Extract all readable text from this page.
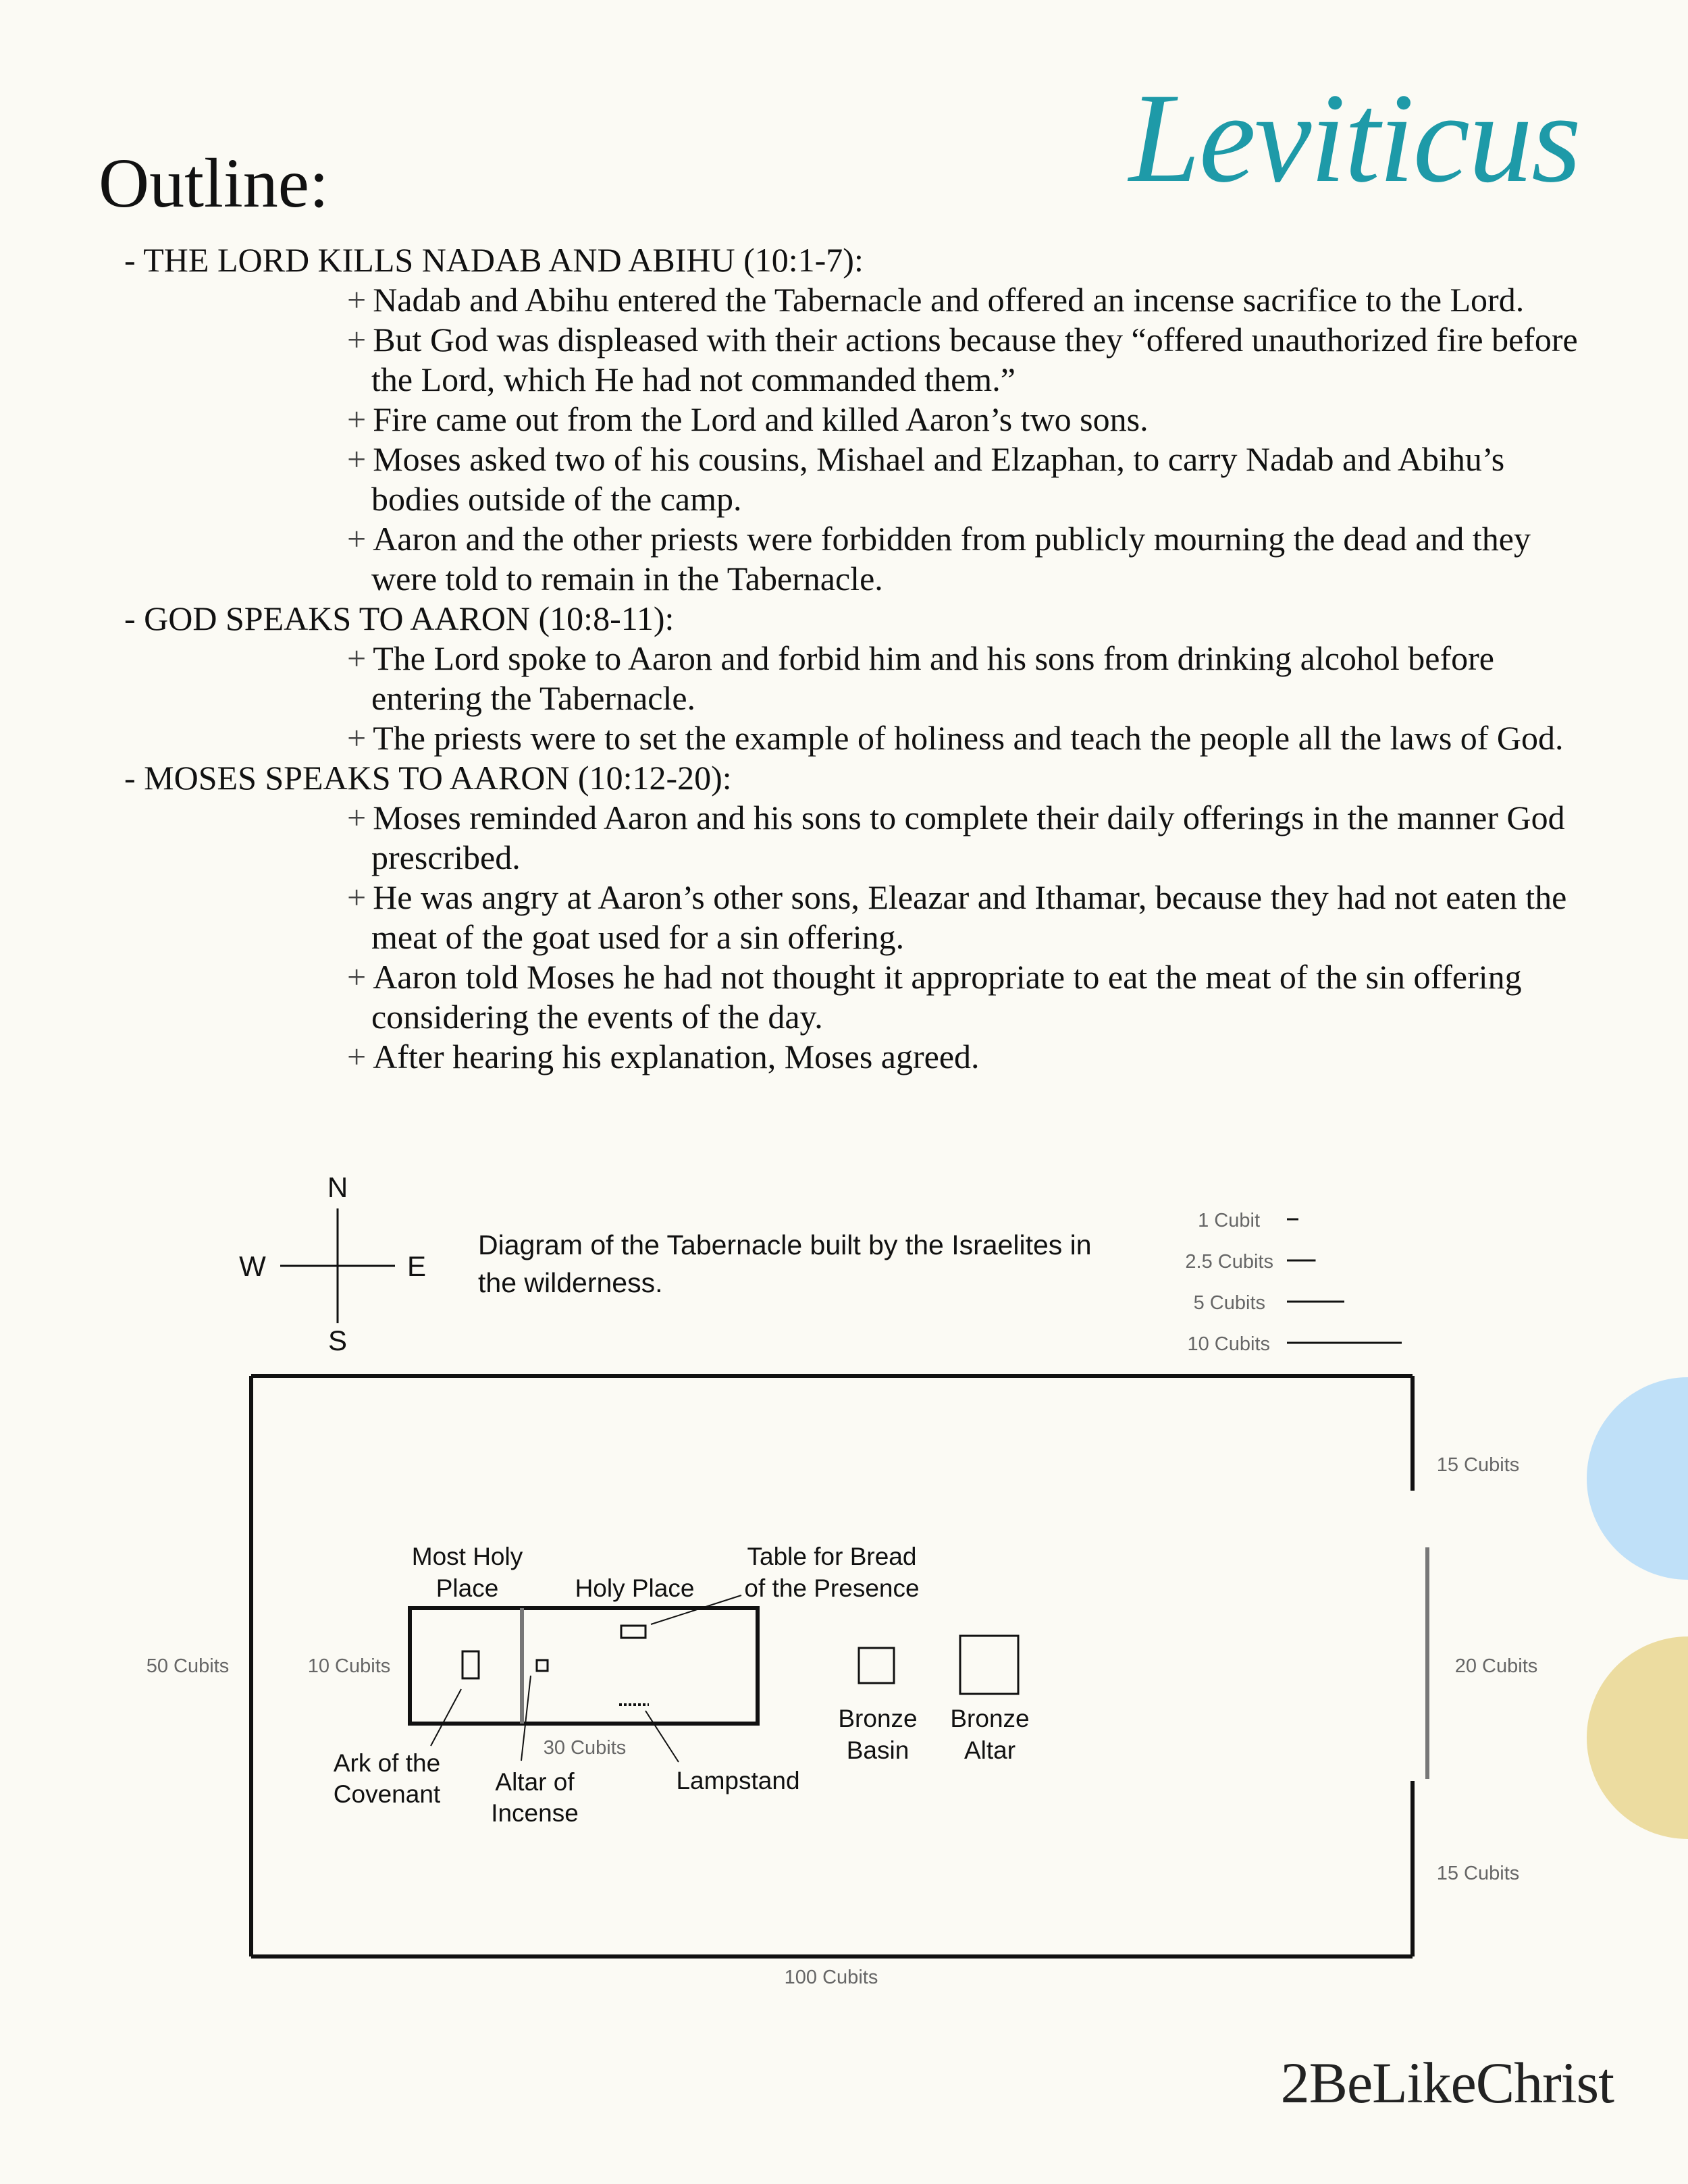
Leviticus
Outline:
- THE LORD KILLS NADAB AND ABIHU (10:1-7):
+ Nadab and Abihu entered the Tabernacle and offered an incense sacrifice to the Lord.
+ But God was displeased with their actions because they “offered unauthorized fire before the Lord, which He had not commanded them.”
+ Fire came out from the Lord and killed Aaron’s two sons.
+ Moses asked two of his cousins, Mishael and Elzaphan, to carry Nadab and Abihu’s bodies outside of the camp.
+ Aaron and the other priests were forbidden from publicly mourning the dead and they were told to remain in the Tabernacle.
- GOD SPEAKS TO AARON (10:8-11):
+ The Lord spoke to Aaron and forbid him and his sons from drinking alcohol before entering the Tabernacle.
+ The priests were to set the example of holiness and teach the people all the laws of God.
- MOSES SPEAKS TO AARON (10:12-20):
+ Moses reminded Aaron and his sons to complete their daily offerings in the manner God prescribed.
+ He was angry at Aaron’s other sons, Eleazar and Ithamar, because they had not eaten the meat of the goat used for a sin offering.
+ Aaron told Moses he had not thought it appropriate to eat the meat of the sin offering considering the events of the day.
+ After hearing his explanation, Moses agreed.
N
S
E
W
Diagram of the Tabernacle built by the Israelites in
the wilderness.
1 Cubit
2.5 Cubits
5 Cubits
10 Cubits
50 Cubits
100 Cubits
15 Cubits
20 Cubits
15 Cubits
10 Cubits
30 Cubits
Most Holy
Place	Holy Place
Table for Bread
of the Presence
Ark of the
Covenant Altar of
Incense
Lampstand
Bronze
Basin
Bronze
Altar
2BeLikeChrist
